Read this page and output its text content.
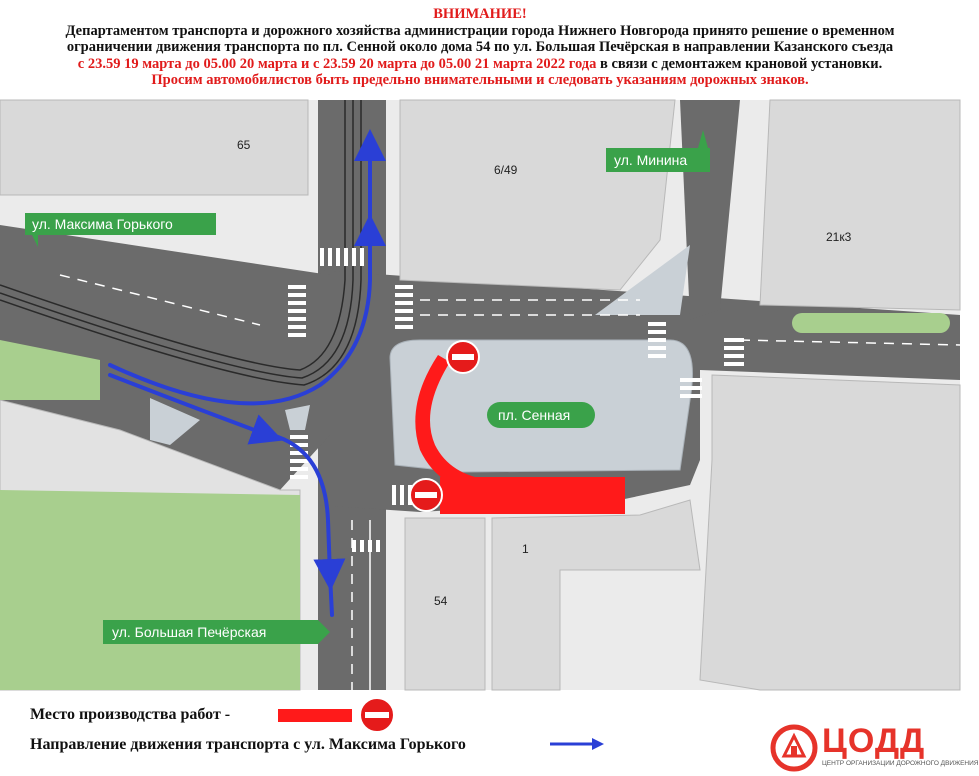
ВНИМАНИЕ!
Департаментом транспорта и дорожного хозяйства администрации города Нижнего Новгорода принято решение о временном
ограничении движения транспорта по пл. Сенной около дома 54 по ул. Большая Печёрская в направлении Казанского съезда
с 23.59 19 марта до 05.00 20 марта и с 23.59 20 марта до 05.00 21 марта 2022 года в связи с демонтажем крановой установки.
Просим автомобилистов быть предельно внимательными и следовать указаниям дорожных знаков.
ул. Максима Горького
ул. Минина
ул. Большая Печёрская
пл. Сенная
65
6/49
21к3
1
54
Место производства работ -
Направление движения транспорта с ул. Максима Горького	ЦОДД
ЦЕНТР ОРГАНИЗАЦИИ ДОРОЖНОГО ДВИЖЕНИЯ
